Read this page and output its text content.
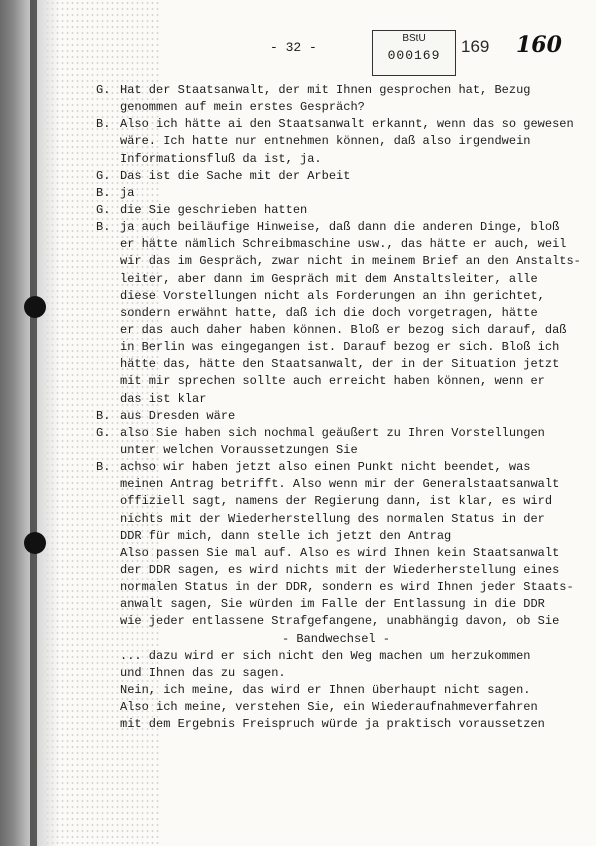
- 32 -
BStU
000169	169 160
G. Hat der Staatsanwalt, der mit Ihnen gesprochen hat, Bezug
genommen auf mein erstes Gespräch?
B. Also ich hätte ai den Staatsanwalt erkannt, wenn das so gewesen
wäre. Ich hatte nur entnehmen können, daß also irgendwein
Informationsfluß da ist, ja.
G. Das ist die Sache mit der Arbeit
B. ja
G. die Sie geschrieben hatten
B. ja auch beiläufige Hinweise, daß dann die anderen Dinge, bloß
er hätte nämlich Schreibmaschine usw., das hätte er auch, weil
wir das im Gespräch, zwar nicht in meinem Brief an den Anstalts-
leiter, aber dann im Gespräch mit dem Anstaltsleiter, alle
diese Vorstellungen nicht als Forderungen an ihn gerichtet,
sondern erwähnt hatte, daß ich die doch vorgetragen, hätte
er das auch daher haben können. Bloß er bezog sich darauf, daß
in Berlin was eingegangen ist. Darauf bezog er sich. Bloß ich
hätte das, hätte den Staatsanwalt, der in der Situation jetzt
mit mir sprechen sollte auch erreicht haben können, wenn er
das ist klar
B. aus Dresden wäre
G. also Sie haben sich nochmal geäußert zu Ihren Vorstellungen
unter welchen Voraussetzungen Sie
B. achso wir haben jetzt also einen Punkt nicht beendet, was
meinen Antrag betrifft. Also wenn mir der Generalstaatsanwalt
offiziell sagt, namens der Regierung dann, ist klar, es wird
nichts mit der Wiederherstellung des normalen Status in der
DDR für mich, dann stelle ich jetzt den Antrag
Also passen Sie mal auf. Also es wird Ihnen kein Staatsanwalt
der DDR sagen, es wird nichts mit der Wiederherstellung eines
normalen Status in der DDR, sondern es wird Ihnen jeder Staats-
anwalt sagen, Sie würden im Falle der Entlassung in die DDR
wie jeder entlassene Strafgefangene, unabhängig davon, ob Sie
- Bandwechsel -
... dazu wird er sich nicht den Weg machen um herzukommen
und Ihnen das zu sagen.
Nein, ich meine, das wird er Ihnen überhaupt nicht sagen.
Also ich meine, verstehen Sie, ein Wiederaufnahmeverfahren
mit dem Ergebnis Freispruch würde ja praktisch voraussetzen
